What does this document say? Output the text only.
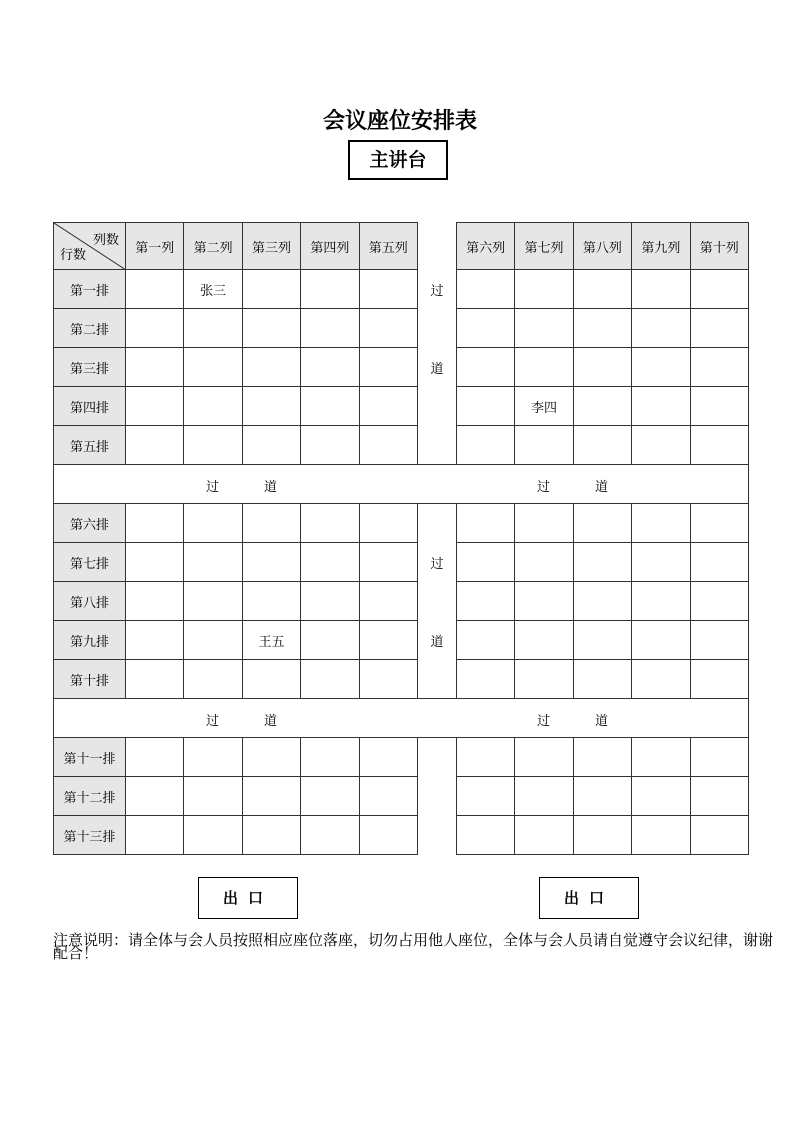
会议座位安排表
主讲台
列数
行数	第一列	第二列	第三列	第四列	第五列		第六列	第七列	第八列	第九列	第十列
第一排		张三				过					
第二排											
第三排						道					
第四排								李四			
第五排											

过 道 过 道											

第六排											
第七排						过					
第八排											
第九排			王五			道					
第十排											

过 道 过 道											

第十一排											
第十二排											
第十三排											
出口	出口
注意说明：请全体与会人员按照相应座位落座，切勿占用他人座位，全体与会人员请自觉遵守会议纪律，谢谢配合！
